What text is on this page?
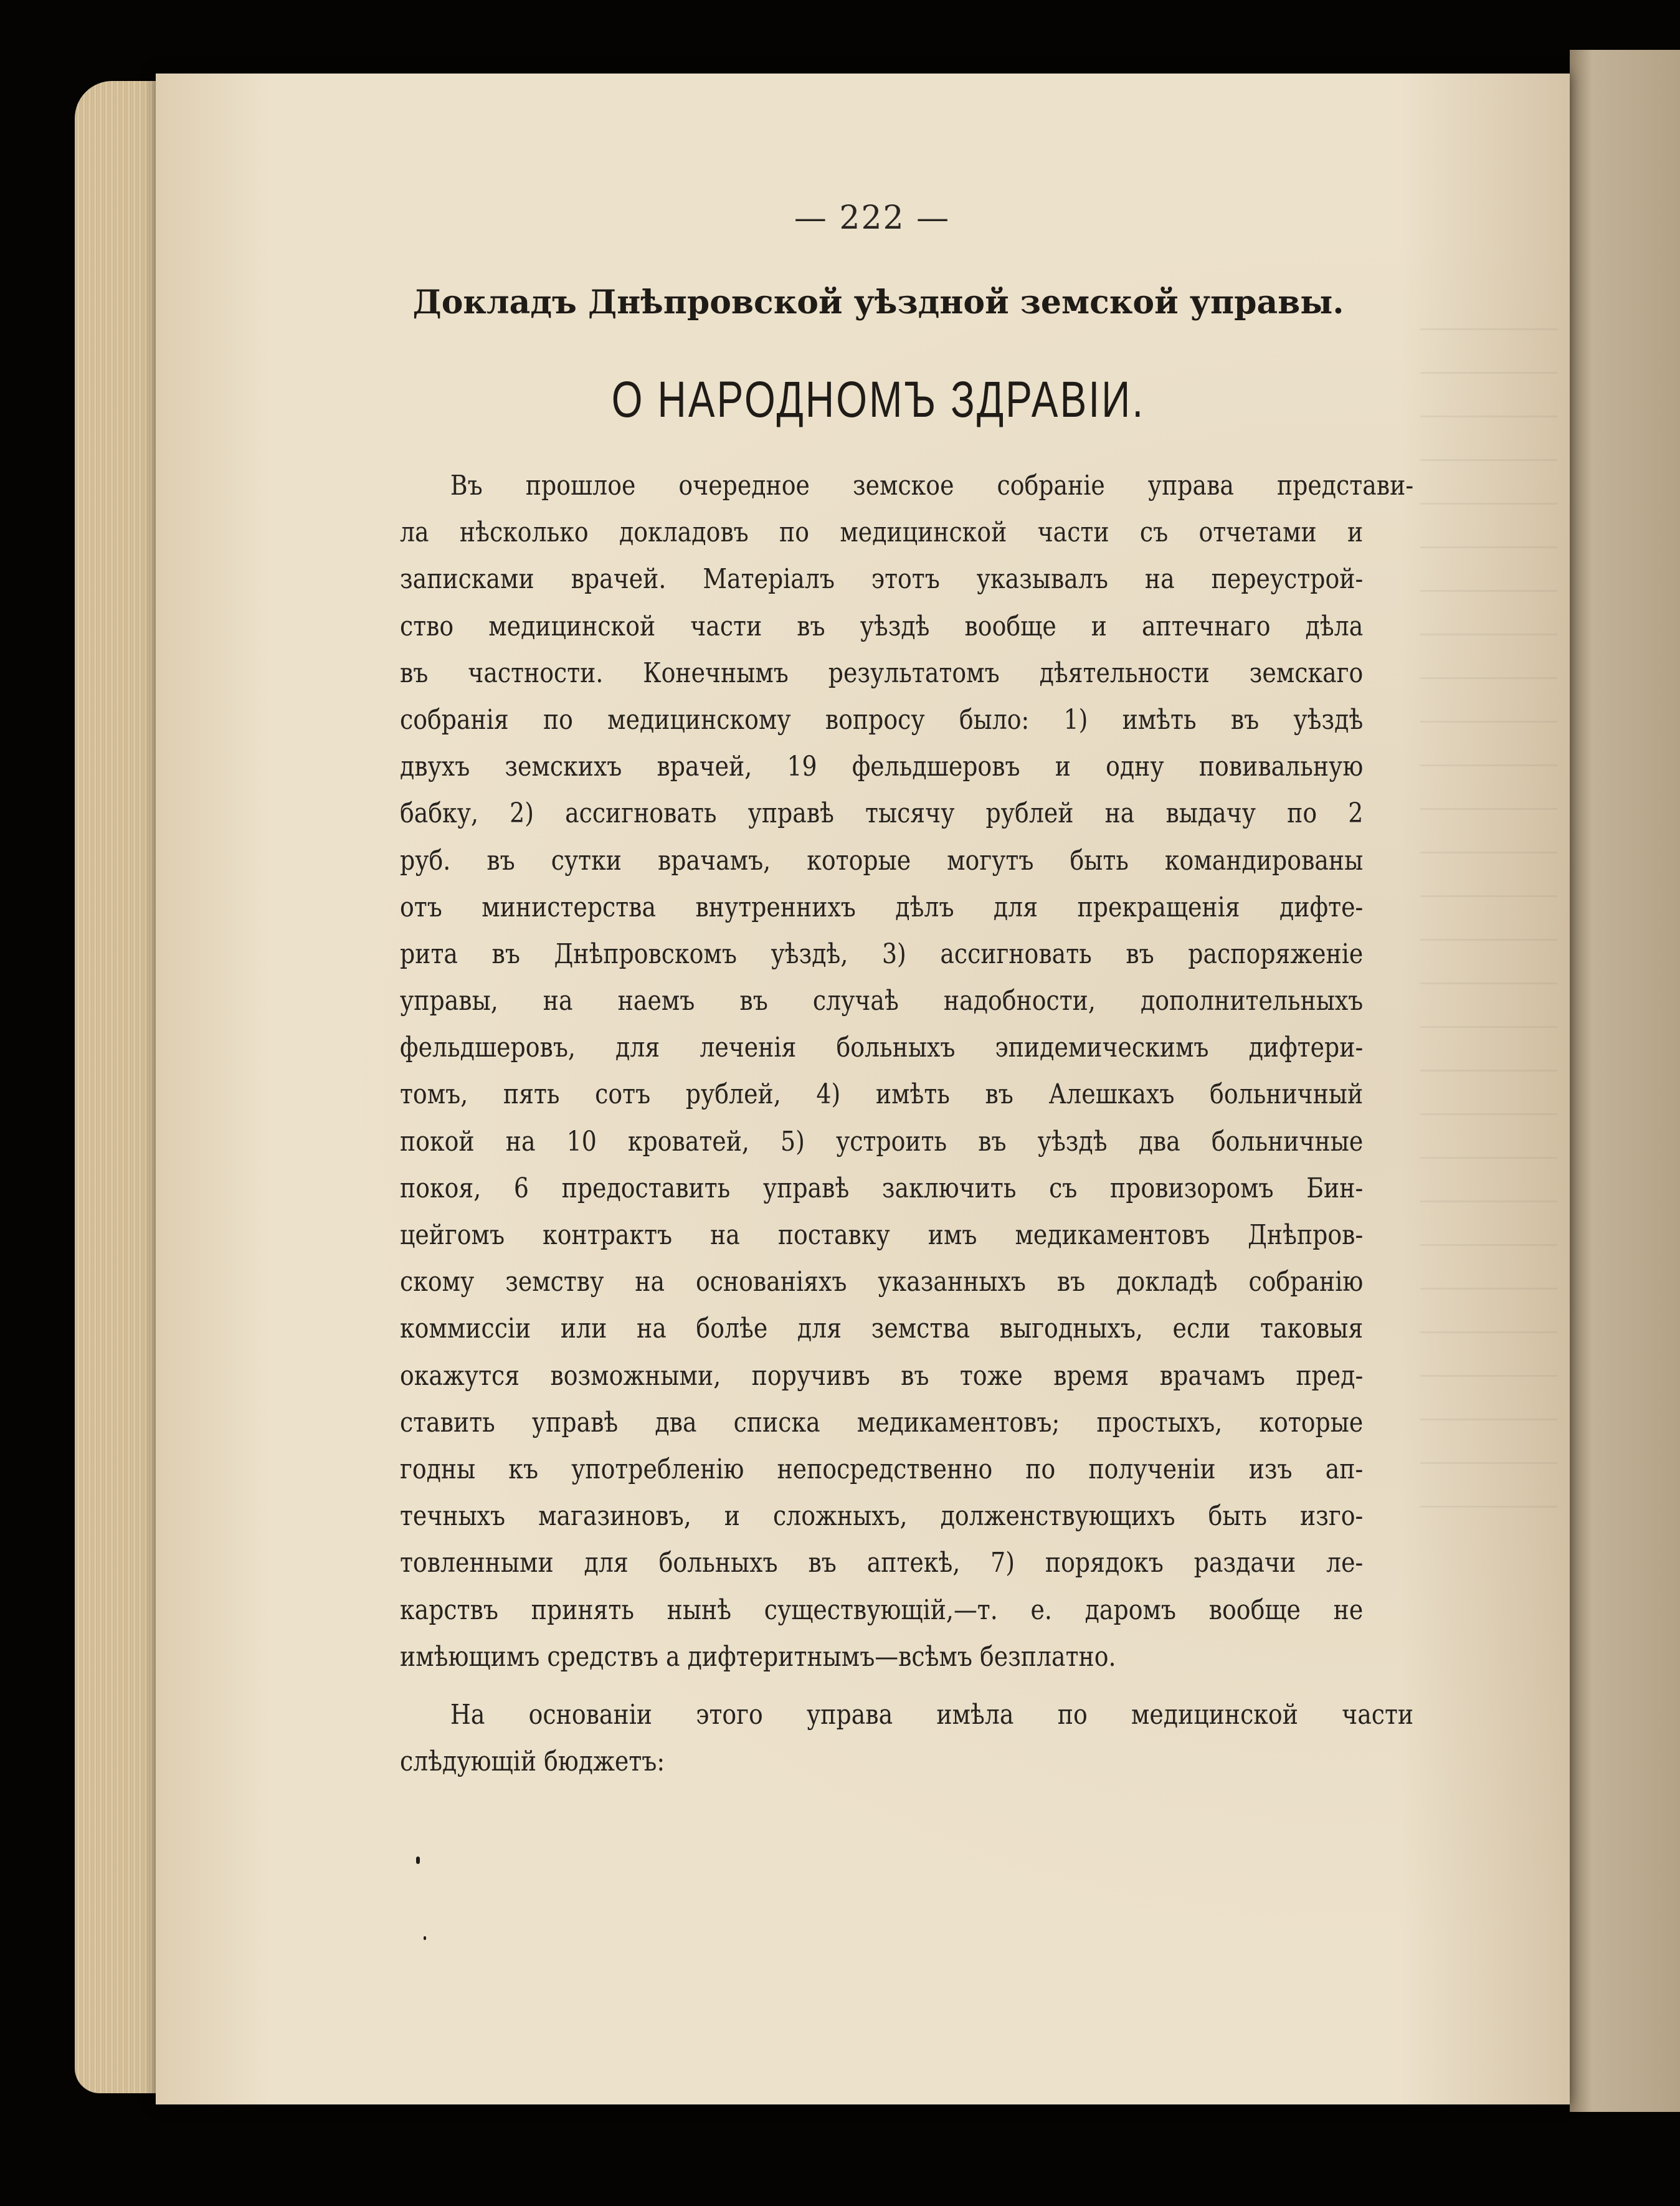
— 222 —
Докладъ Днѣпровской уѣздной земской управы.
О НАРОДНОМЪ ЗДРАВІИ.
Въ прошлое очередное земское собраніе управа представи-
ла нѣсколько докладовъ по медицинской части съ отчетами и
записками врачей. Матеріалъ этотъ указывалъ на переустрой-
ство медицинской части въ уѣздѣ вообще и аптечнаго дѣла
въ частности. Конечнымъ результатомъ дѣятельности земскаго
собранія по медицинскому вопросу было: 1) имѣть въ уѣздѣ
двухъ земскихъ врачей, 19 фельдшеровъ и одну повивальную
бабку, 2) ассигновать управѣ тысячу рублей на выдачу по 2
руб. въ сутки врачамъ, которые могутъ быть командированы
отъ министерства внутреннихъ дѣлъ для прекращенія дифте-
рита въ Днѣпровскомъ уѣздѣ, 3) ассигновать въ распоряженіе
управы, на наемъ въ случаѣ надобности, дополнительныхъ
фельдшеровъ, для леченія больныхъ эпидемическимъ дифтери-
томъ, пять сотъ рублей, 4) имѣть въ Алешкахъ больничный
покой на 10 кроватей, 5) устроить въ уѣздѣ два больничные
покоя, 6 предоставить управѣ заключить съ провизоромъ Бин-
цейгомъ контрактъ на поставку имъ медикаментовъ Днѣпров-
скому земству на основаніяхъ указанныхъ въ докладѣ собранію
коммиссіи или на болѣе для земства выгодныхъ, если таковыя
окажутся возможными, поручивъ въ тоже время врачамъ пред-
ставить управѣ два списка медикаментовъ; простыхъ, которые
годны къ употребленію непосредственно по полученіи изъ ап-
течныхъ магазиновъ, и сложныхъ, долженствующихъ быть изго-
товленными для больныхъ въ аптекѣ, 7) порядокъ раздачи ле-
карствъ принять нынѣ существующій,—т. е. даромъ вообще не
имѣющимъ средствъ а дифтеритнымъ—всѣмъ безплатно.
На основаніи этого управа имѣла по медицинской части
слѣдующій бюджетъ:
